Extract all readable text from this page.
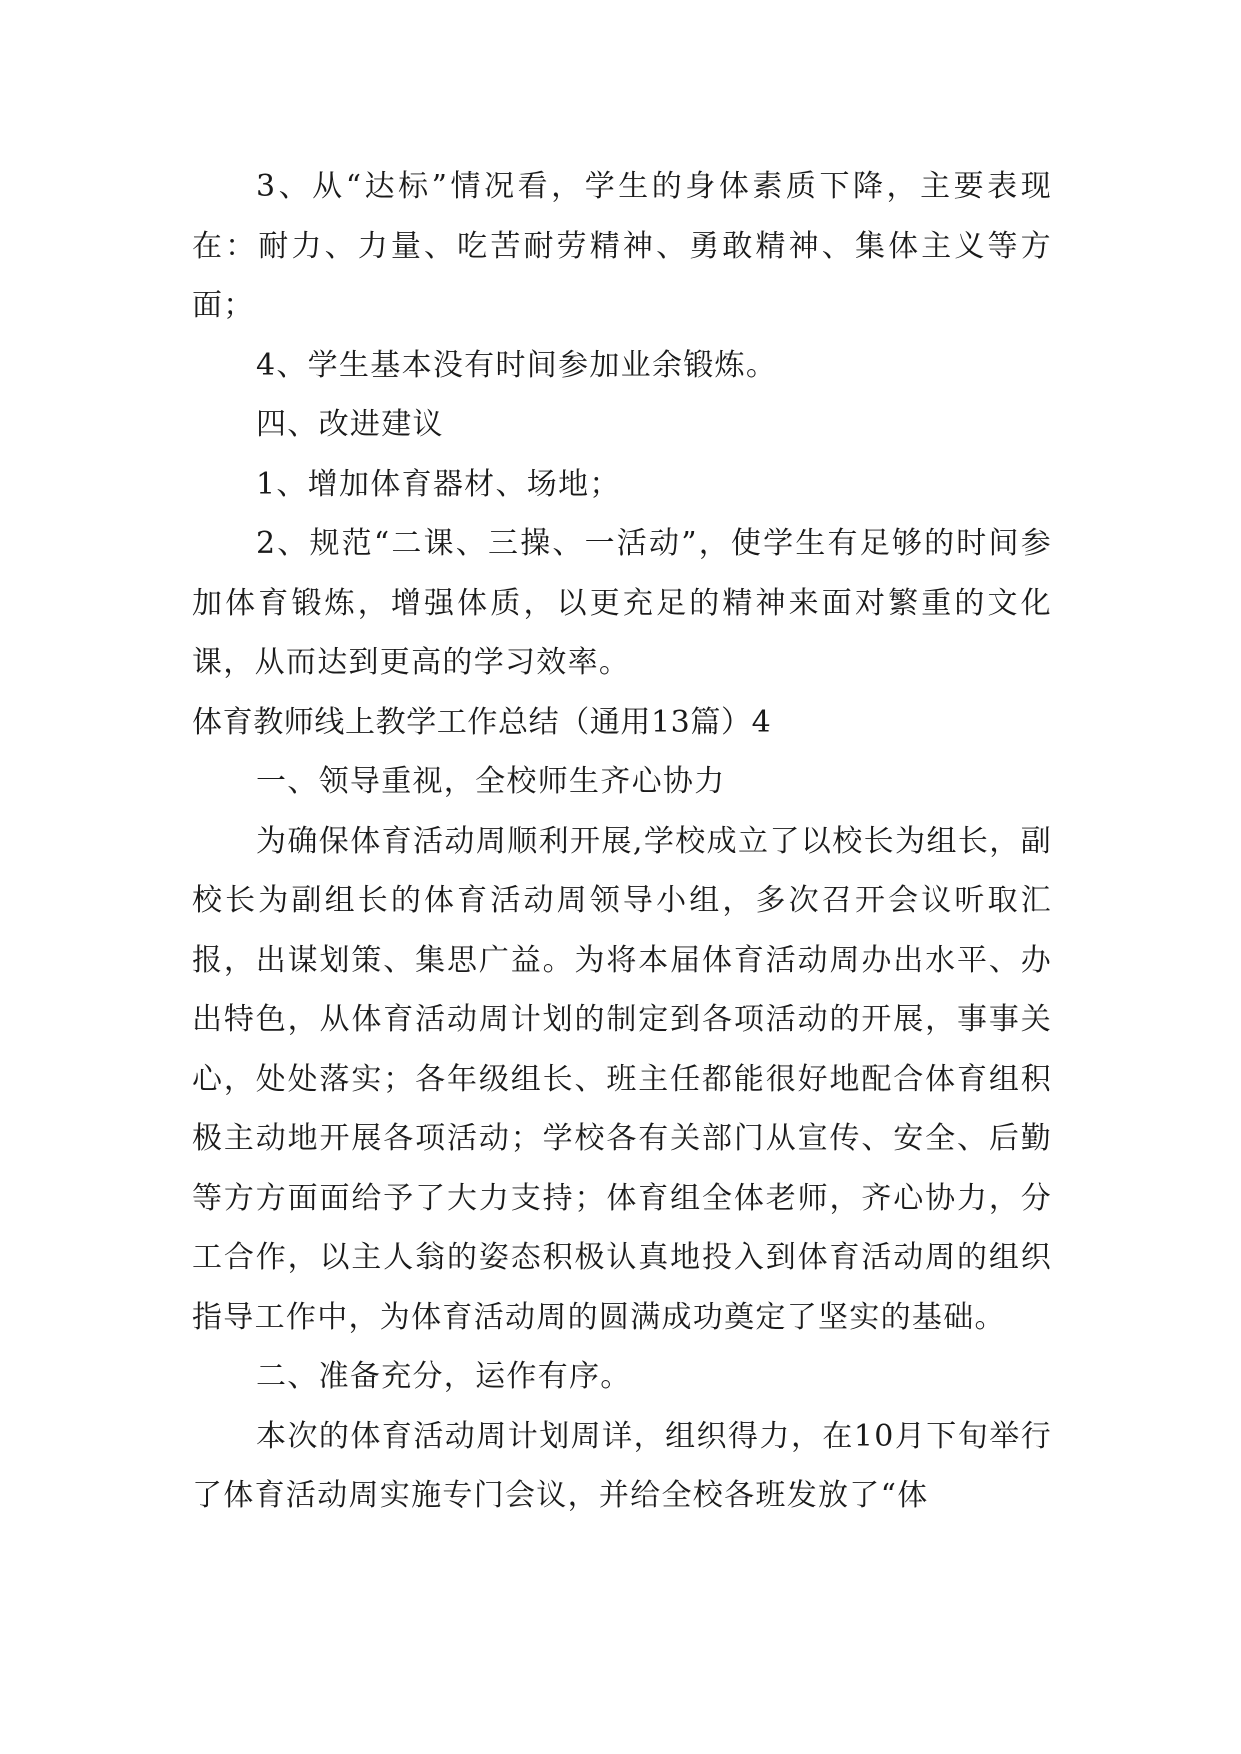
3、从“达标”情况看，学生的身体素质下降，主要表现在：耐力、力量、吃苦耐劳精神、勇敢精神、集体主义等方面；

4、学生基本没有时间参加业余锻炼。

四、改进建议

1、增加体育器材、场地；

2、规范“二课、三操、一活动”，使学生有足够的时间参加体育锻炼，增强体质，以更充足的精神来面对繁重的文化课，从而达到更高的学习效率。

体育教师线上教学工作总结（通用13篇）4

一、领导重视，全校师生齐心协力

为确保体育活动周顺利开展,学校成立了以校长为组长，副校长为副组长的体育活动周领导小组，多次召开会议听取汇报，出谋划策、集思广益。为将本届体育活动周办出水平、办出特色，从体育活动周计划的制定到各项活动的开展，事事关心，处处落实；各年级组长、班主任都能很好地配合体育组积极主动地开展各项活动；学校各有关部门从宣传、安全、后勤等方方面面给予了大力支持；体育组全体老师，齐心协力，分工合作，以主人翁的姿态积极认真地投入到体育活动周的组织指导工作中，为体育活动周的圆满成功奠定了坚实的基础。

二、准备充分，运作有序。

本次的体育活动周计划周详，组织得力，在10月下旬举行了体育活动周实施专门会议，并给全校各班发放了“体
